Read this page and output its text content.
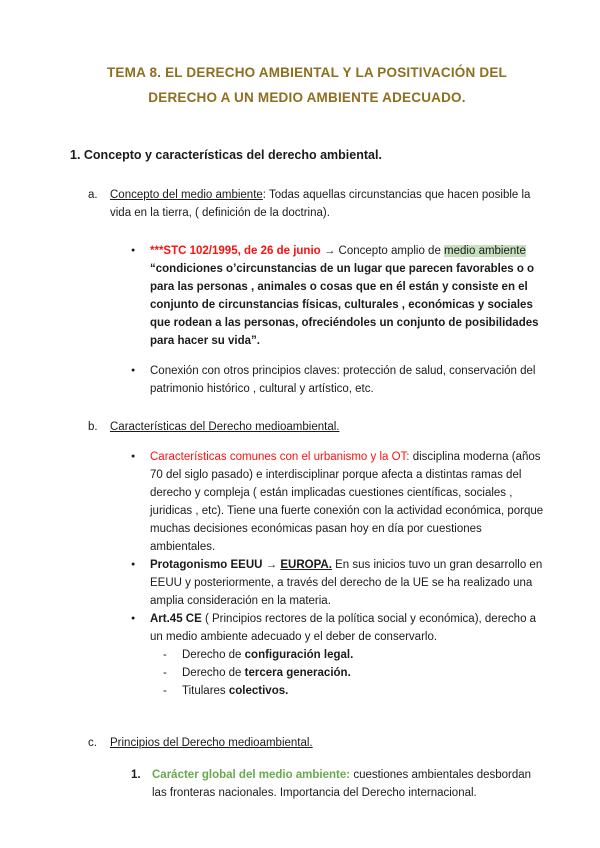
TEMA 8. EL DERECHO AMBIENTAL Y LA POSITIVACIÓN DEL DERECHO A UN MEDIO AMBIENTE ADECUADO.
1. Concepto y características del derecho ambiental.
a.	Concepto del medio ambiente: Todas aquellas circunstancias que hacen posible la vida en la tierra, ( definición de la doctrina).
●	***STC 102/1995, de 26 de junio → Concepto amplio de medio ambiente “condiciones o’circunstancias de un lugar que parecen favorables o o para las personas , animales o cosas que en él están y consiste en el conjunto de circunstancias físicas, culturales , económicas y sociales que rodean a las personas, ofreciéndoles un conjunto de posibilidades para hacer su vida”.
●	Conexión con otros principios claves: protección de salud, conservación del patrimonio histórico , cultural y artístico, etc.
b.	Características del Derecho medioambiental.
●	Características comunes con el urbanismo y la OT: disciplina moderna (años 70 del siglo pasado) e interdisciplinar porque afecta a distintas ramas del derecho y compleja ( están implicadas cuestiones científicas, sociales , juridicas , etc). Tiene una fuerte conexión con la actividad económica, porque muchas decisiones económicas pasan hoy en día por cuestiones ambientales.
●	Protagonismo EEUU → EUROPA. En sus inicios tuvo un gran desarrollo en EEUU y posteriormente, a través del derecho de la UE se ha realizado una amplia consideración en la materia.
●	Art.45 CE ( Principios rectores de la política social y económica), derecho a un medio ambiente adecuado y el deber de conservarlo.
-	Derecho de configuración legal.
-	Derecho de tercera generación.
-	Titulares colectivos.
c.	Principios del Derecho medioambiental.
1. Carácter global del medio ambiente: cuestiones ambientales desbordan las fronteras nacionales. Importancia del Derecho internacional.
